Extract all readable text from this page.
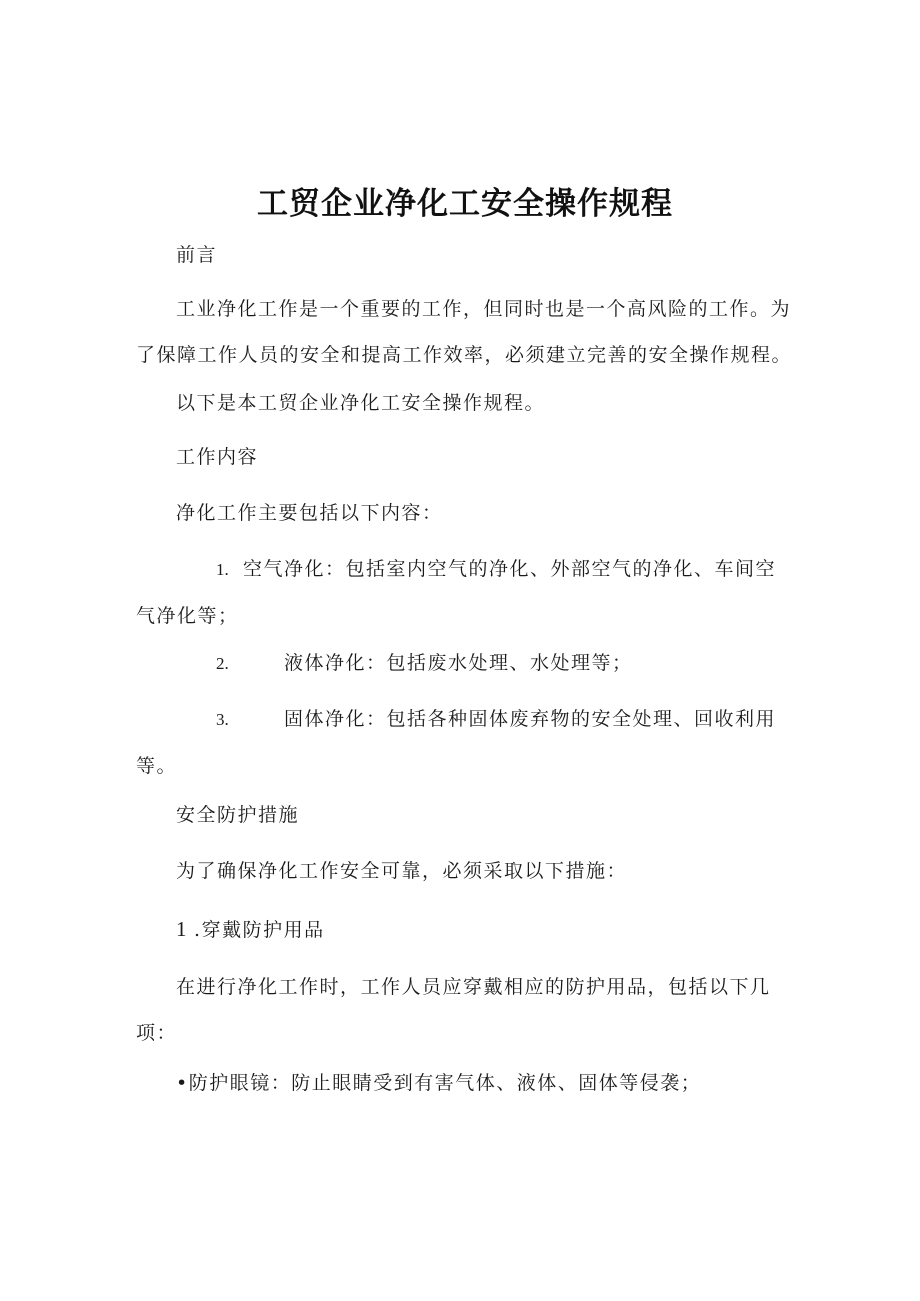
工贸企业净化工安全操作规程

前言

工业净化工作是一个重要的工作，但同时也是一个高风险的工作。为了保障工作人员的安全和提高工作效率，必须建立完善的安全操作规程。

以下是本工贸企业净化工安全操作规程。

工作内容

净化工作主要包括以下内容：

1. 空气净化：包括室内空气的净化、外部空气的净化、车间空气净化等；

2.	液体净化：包括废水处理、水处理等；

3.	固体净化：包括各种固体废弃物的安全处理、回收利用等。

安全防护措施

为了确保净化工作安全可靠，必须采取以下措施：

1 .穿戴防护用品

在进行净化工作时，工作人员应穿戴相应的防护用品，包括以下几项：

•防护眼镜：防止眼睛受到有害气体、液体、固体等侵袭；
